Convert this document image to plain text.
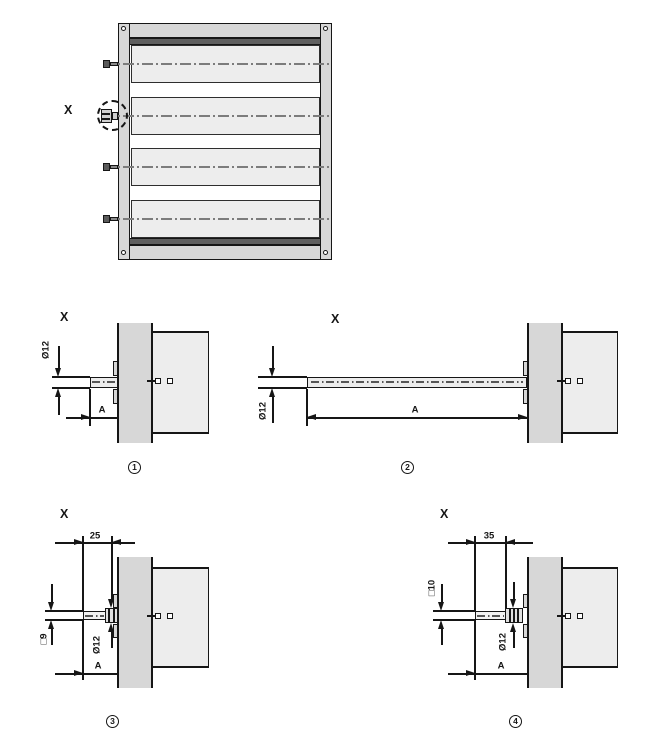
X
X
Ø12
A
1
X
Ø12	A
2
X
25
□9	Ø12
A
3
X
35
□10
Ø12
A
4
